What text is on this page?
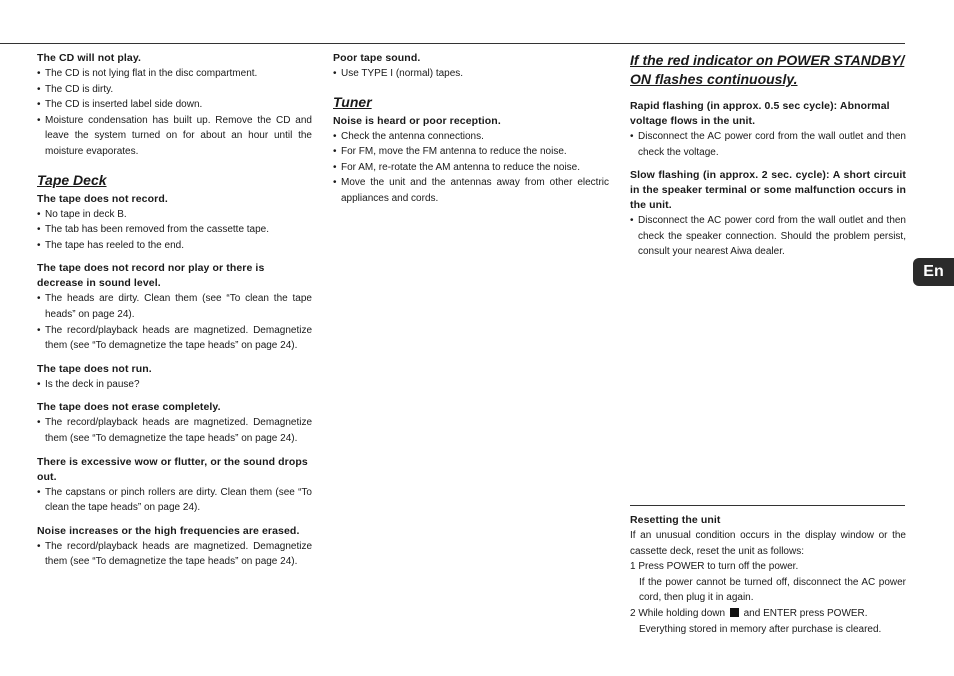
The CD will not play.

• The CD is not lying flat in the disc compartment.
• The CD is dirty.
• The CD is inserted label side down.
• Moisture condensation has built up. Remove the CD and leave the system turned on for about an hour until the moisture evaporates.
Tape Deck

The tape does not record.

• No tape in deck B.
• The tab has been removed from the cassette tape.
• The tape has reeled to the end.

The tape does not record nor play or there is decrease in sound level.

• The heads are dirty. Clean them (see “To clean the tape heads” on page 24).
• The record/playback heads are magnetized. Demagnetize them (see “To demagnetize the tape heads” on page 24).

The tape does not run.

• Is the deck in pause?

The tape does not erase completely.

• The record/playback heads are magnetized. Demagnetize them (see “To demagnetize the tape heads” on page 24).

There is excessive wow or flutter, or the sound drops out.

• The capstans or pinch rollers are dirty. Clean them (see “To clean the tape heads” on page 24).

Noise increases or the high frequencies are erased.

• The record/playback heads are magnetized. Demagnetize them (see “To demagnetize the tape heads” on page 24).

Poor tape sound.

• Use TYPE I (normal) tapes.
Tuner

Noise is heard or poor reception.

• Check the antenna connections.
• For FM, move the FM antenna to reduce the noise.
• For AM, re-rotate the AM antenna to reduce the noise.
• Move the unit and the antennas away from other electric appliances and cords.
If the red indicator on POWER STANDBY/ ON flashes continuously.

Rapid flashing (in approx. 0.5 sec cycle): Abnormal voltage flows in the unit.

• Disconnect the AC power cord from the wall outlet and then check the voltage.

Slow flashing (in approx. 2 sec. cycle): A short circuit in the speaker terminal or some malfunction occurs in the unit.

• Disconnect the AC power cord from the wall outlet and then check the speaker connection. Should the problem persist, consult your nearest Aiwa dealer.

Resetting the unit

If an unusual condition occurs in the display window or the cassette deck, reset the unit as follows:

1 Press POWER to turn off the power.

If the power cannot be turned off, disconnect the AC power cord, then plug it in again.

2 While holding down and ENTER press POWER.

Everything stored in memory after purchase is cleared.

En
